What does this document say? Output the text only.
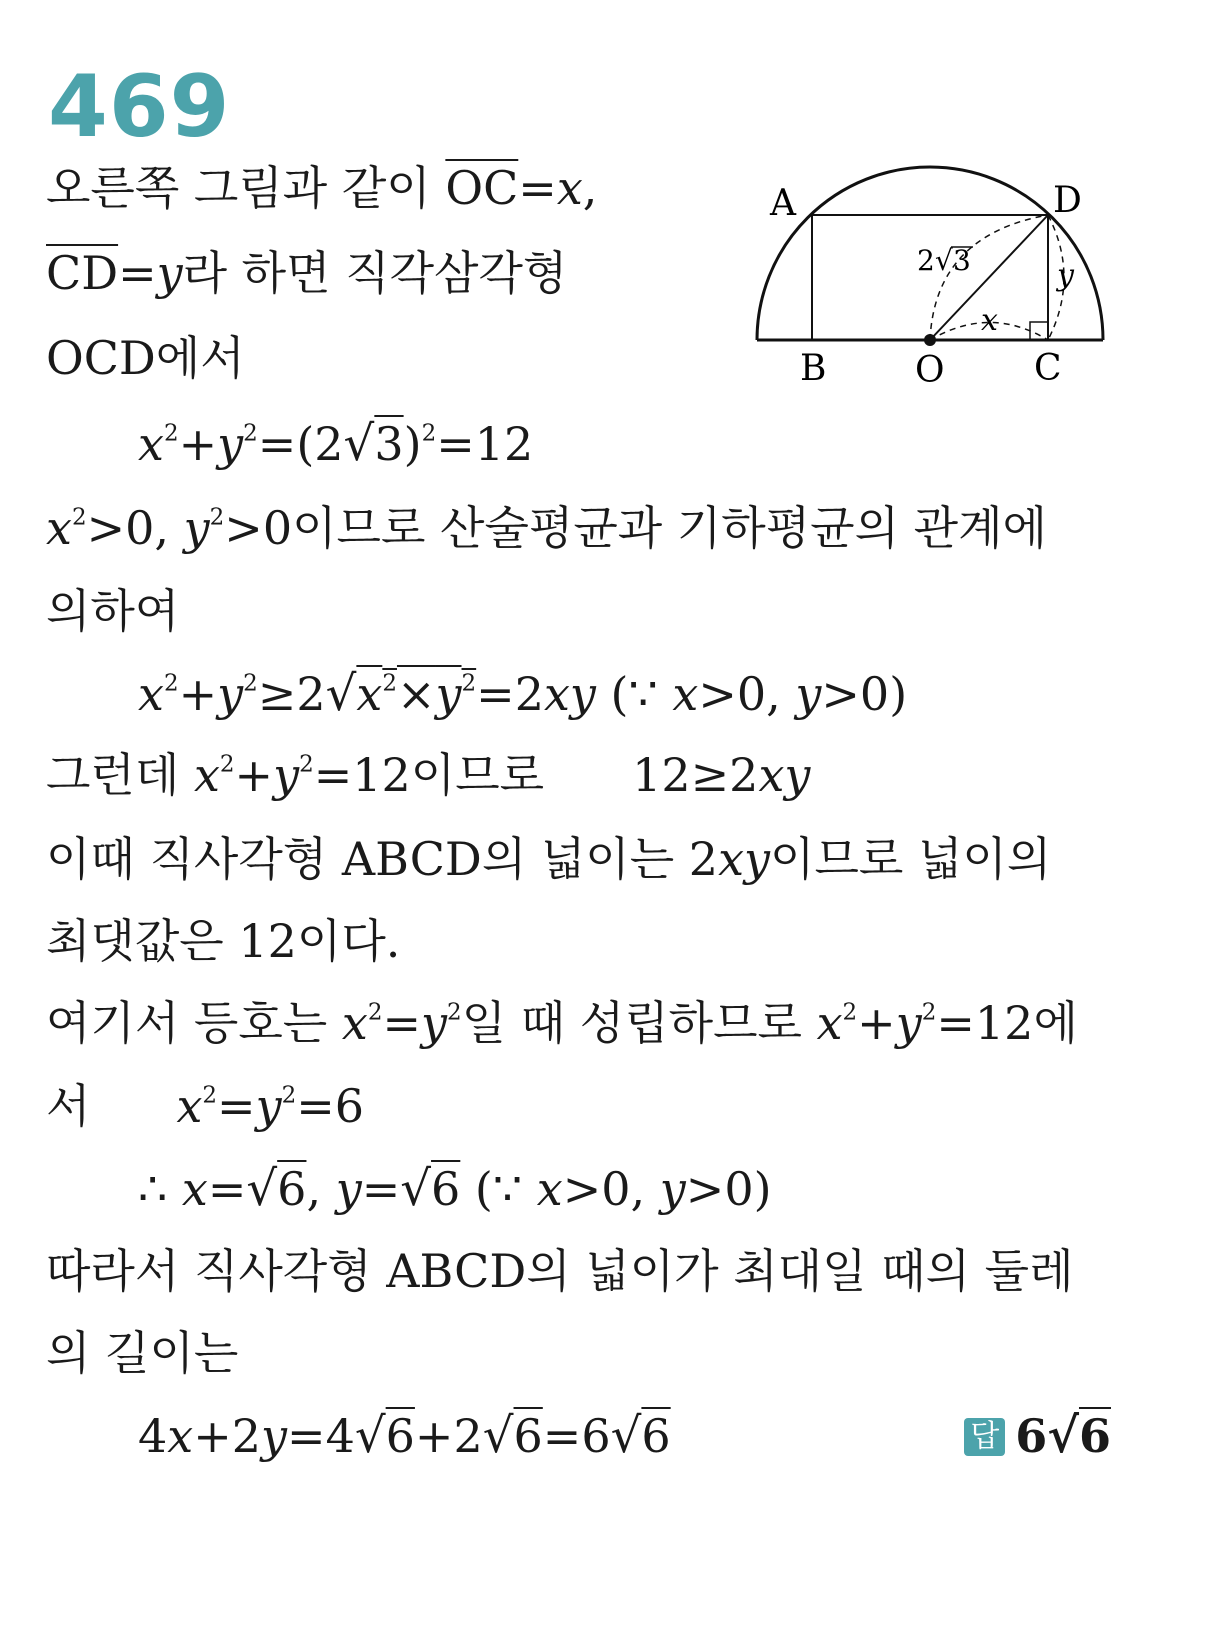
469
오른쪽 그림과 같이 $\overline{OC}=x$,
$\overline{CD}=y$라 하면 직각삼각형
OCD에서
$x^2+y^2=(2√3)^2=12$
$x^2>0$, $y^2>0$이므로 산술평균과 기하평균의 관계에
의하여
$x^2+y^2\ge 2√x^2\times y^2=2xy$ (∵ x>0, y>0)
그런데 $x^2+y^2=12$이므로 12≥2xy
이때 직사각형 ABCD의 넓이는 2xy이므로 넓이의
최댓값은 12이다.
여기서 등호는 $x^2=y^2$일 때 성립하므로 $x^2+y^2=12$에
서 $x^2=y^2=6$
∴ x=√6, y=√6 (∵ x>0, y>0)
따라서 직사각형 ABCD의 넓이가 최대일 때의 둘레
의 길이는
4x+2y=4√6+2√6=6√6	답 6√6
A	D
B O C
x
y
2 √ 3
